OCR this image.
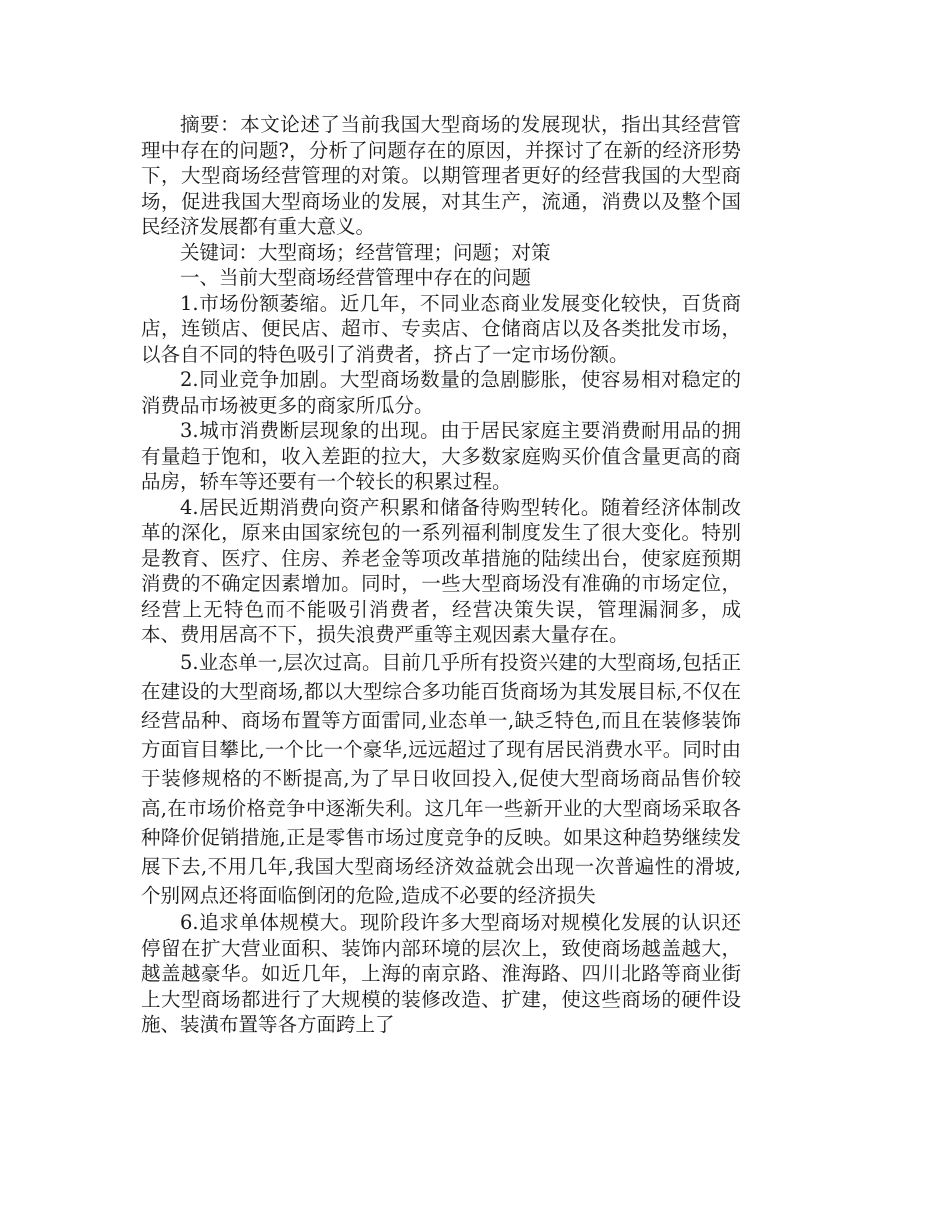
摘要：本文论述了当前我国大型商场的发展现状，指出其经营管理中存在的问题?，分析了问题存在的原因，并探讨了在新的经济形势下，大型商场经营管理的对策。以期管理者更好的经营我国的大型商场，促进我国大型商场业的发展，对其生产，流通，消费以及整个国民经济发展都有重大意义。

关键词：大型商场；经营管理；问题；对策

一、当前大型商场经营管理中存在的问题

1.市场份额萎缩。近几年，不同业态商业发展变化较快，百货商店，连锁店、便民店、超市、专卖店、仓储商店以及各类批发市场，以各自不同的特色吸引了消费者，挤占了一定市场份额。

2.同业竞争加剧。大型商场数量的急剧膨胀，使容易相对稳定的消费品市场被更多的商家所瓜分。

3.城市消费断层现象的出现。由于居民家庭主要消费耐用品的拥有量趋于饱和，收入差距的拉大，大多数家庭购买价值含量更高的商品房，轿车等还要有一个较长的积累过程。

4.居民近期消费向资产积累和储备待购型转化。随着经济体制改革的深化，原来由国家统包的一系列福利制度发生了很大变化。特别是教育、医疗、住房、养老金等项改革措施的陆续出台，使家庭预期消费的不确定因素增加。同时，一些大型商场没有准确的市场定位，经营上无特色而不能吸引消费者，经营决策失误，管理漏洞多，成本、费用居高不下，损失浪费严重等主观因素大量存在。

5.业态单一,层次过高。目前几乎所有投资兴建的大型商场,包括正在建设的大型商场,都以大型综合多功能百货商场为其发展目标,不仅在经营品种、商场布置等方面雷同,业态单一,缺乏特色,而且在装修装饰方面盲目攀比,一个比一个豪华,远远超过了现有居民消费水平。同时由于装修规格的不断提高,为了早日收回投入,促使大型商场商品售价较高,在市场价格竞争中逐渐失利。这几年一些新开业的大型商场采取各种降价促销措施,正是零售市场过度竞争的反映。如果这种趋势继续发展下去,不用几年,我国大型商场经济效益就会出现一次普遍性的滑坡,个别网点还将面临倒闭的危险,造成不必要的经济损失

6.追求单体规模大。现阶段许多大型商场对规模化发展的认识还停留在扩大营业面积、装饰内部环境的层次上，致使商场越盖越大，越盖越豪华。如近几年，上海的南京路、淮海路、四川北路等商业街上大型商场都进行了大规模的装修改造、扩建，使这些商场的硬件设施、装潢布置等各方面跨上了
